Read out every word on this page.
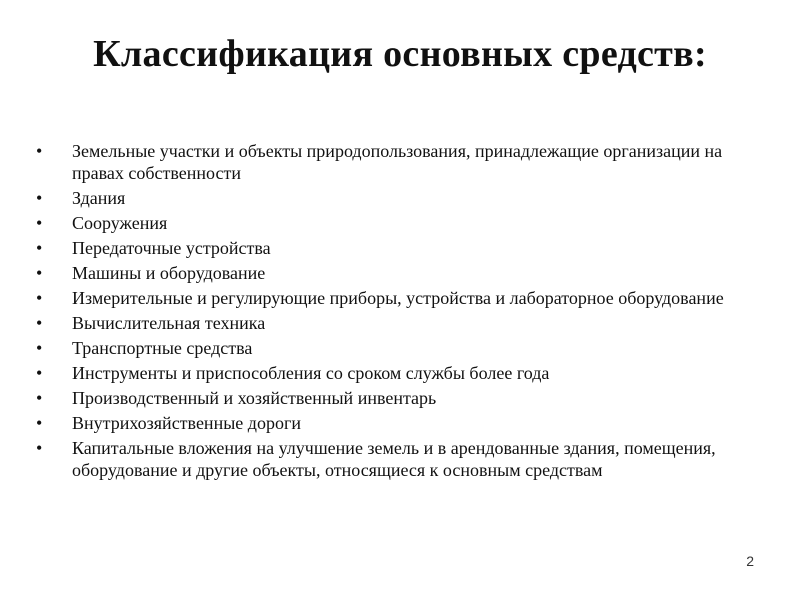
Классификация основных средств:
•	Земельные участки и объекты природопользования, принадлежащие организации на правах собственности
•	Здания
•	Сооружения
•	Передаточные устройства
•	Машины и оборудование
•	Измерительные и регулирующие приборы, устройства и лабораторное оборудование
•	Вычислительная техника
•	Транспортные средства
•	Инструменты и приспособления со сроком службы более года
•	Производственный и хозяйственный инвентарь
•	Внутрихозяйственные дороги
•	Капитальные вложения на улучшение земель и в арендованные здания, помещения, оборудование и другие объекты, относящиеся к основным средствам
2
